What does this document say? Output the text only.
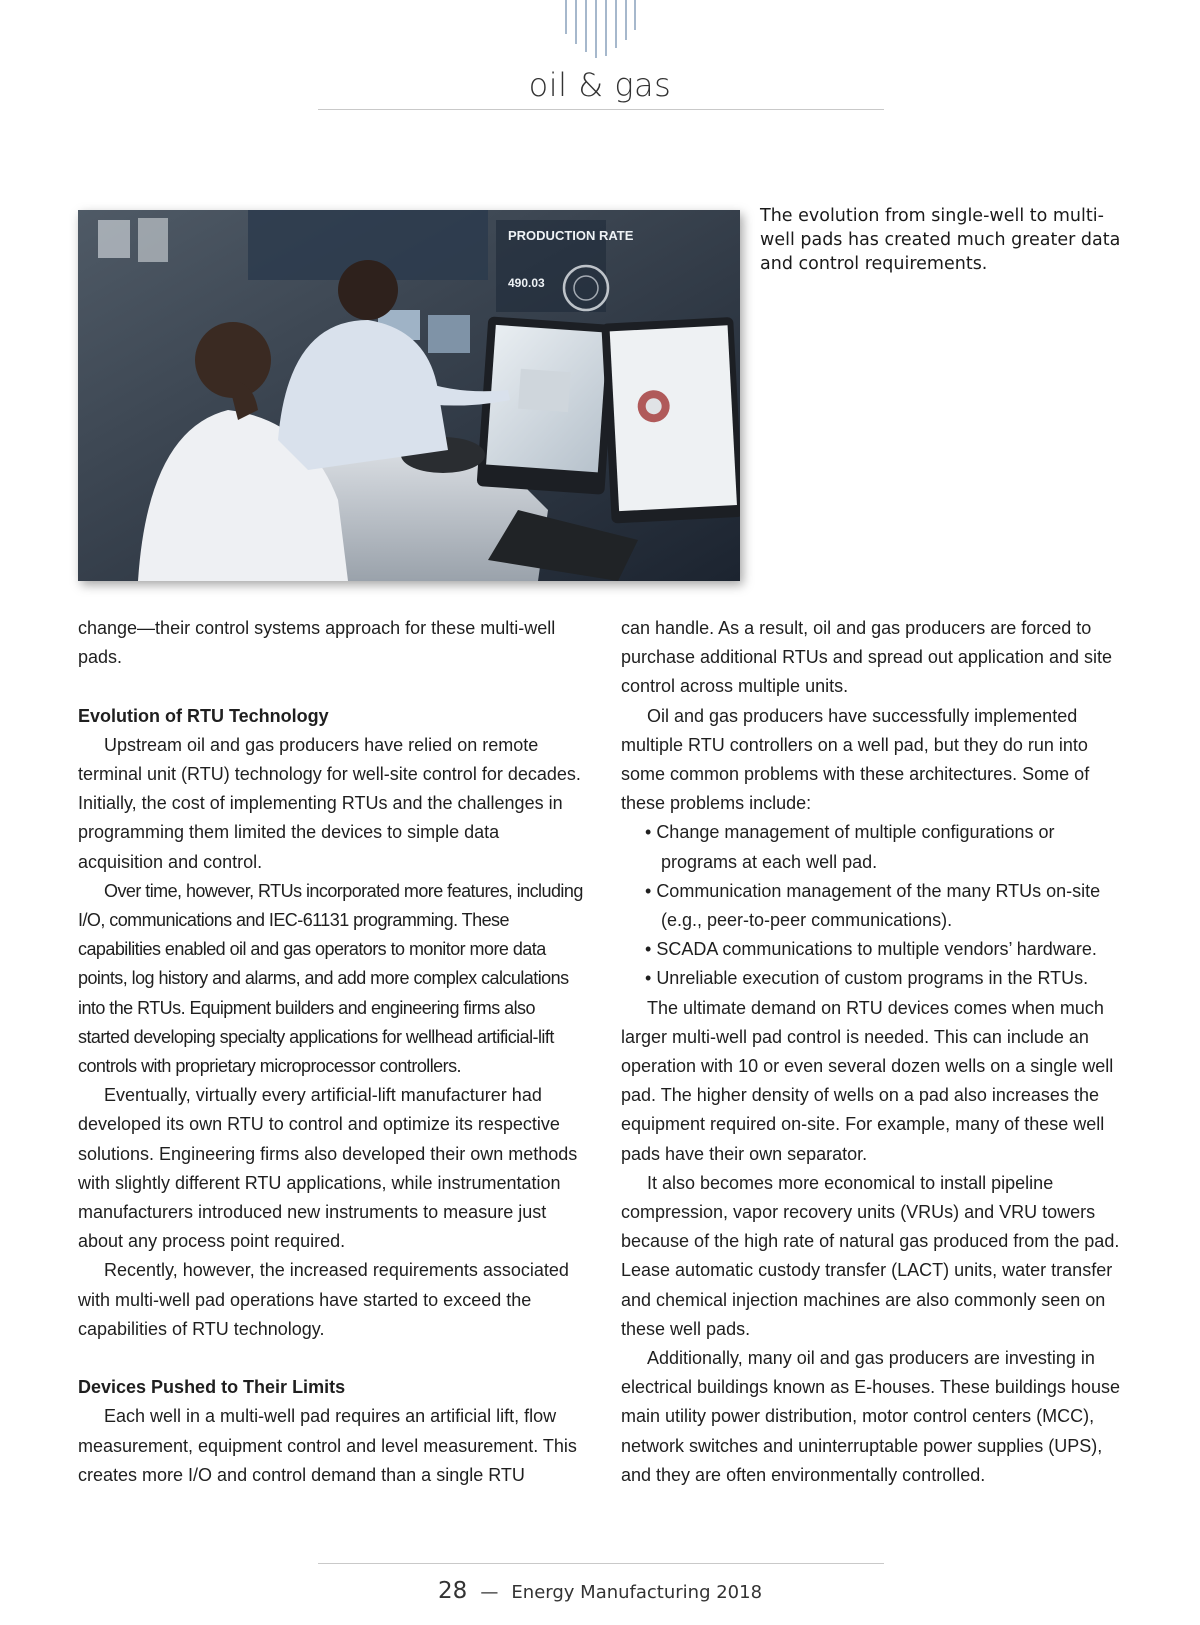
oil & gas
PRODUCTION RATE
490.03
The evolution from single-well to multi-well pads has created much greater data and control requirements.

change—their control systems approach for these multi-well pads.

Evolution of RTU Technology

Upstream oil and gas producers have relied on remote terminal unit (RTU) technology for well-site control for decades. Initially, the cost of implementing RTUs and the challenges in programming them limited the devices to simple data acquisition and control.

Over time, however, RTUs incorporated more features, including I/O, communications and IEC-61131 programming. These capabilities enabled oil and gas operators to monitor more data points, log history and alarms, and add more complex calculations into the RTUs. Equipment builders and engineering firms also started developing specialty applications for wellhead artificial-lift controls with proprietary microprocessor controllers.

Eventually, virtually every artificial-lift manufacturer had developed its own RTU to control and optimize its respective solutions. Engineering firms also developed their own methods with slightly different RTU applications, while instrumentation manufacturers introduced new instruments to measure just about any process point required.

Recently, however, the increased requirements associated with multi-well pad operations have started to exceed the capabilities of RTU technology.

Devices Pushed to Their Limits

Each well in a multi-well pad requires an artificial lift, flow measurement, equipment control and level measurement. This creates more I/O and control demand than a single RTU

can handle. As a result, oil and gas producers are forced to purchase additional RTUs and spread out application and site control across multiple units.

Oil and gas producers have successfully implemented multiple RTU controllers on a well pad, but they do run into some common problems with these architectures. Some of these problems include:

• Change management of multiple configurations or programs at each well pad.
• Communication management of the many RTUs on-site (e.g., peer-to-peer communications).
• SCADA communications to multiple vendors’ hardware.
• Unreliable execution of custom programs in the RTUs.

The ultimate demand on RTU devices comes when much larger multi-well pad control is needed. This can include an operation with 10 or even several dozen wells on a single well pad. The higher density of wells on a pad also increases the equipment required on-site. For example, many of these well pads have their own separator.

It also becomes more economical to install pipeline compression, vapor recovery units (VRUs) and VRU towers because of the high rate of natural gas produced from the pad. Lease automatic custody transfer (LACT) units, water transfer and chemical injection machines are also commonly seen on these well pads.

Additionally, many oil and gas producers are investing in electrical buildings known as E-houses. These buildings house main utility power distribution, motor control centers (MCC), network switches and uninterruptable power supplies (UPS), and they are often environmentally controlled.

28 — Energy Manufacturing 2018
